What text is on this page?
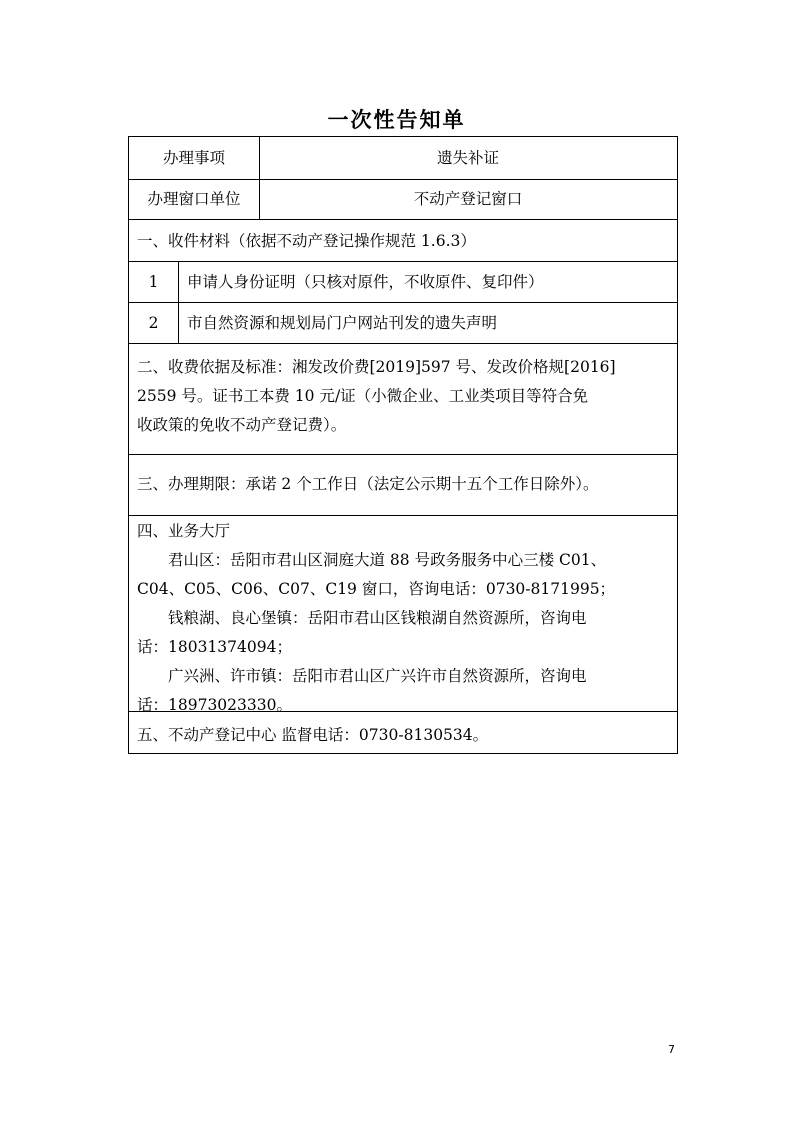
一次性告知单
办理事项	遗失补证
办理窗口单位	不动产登记窗口
一、收件材料（依据不动产登记操作规范 1.6.3）
1	申请人身份证明（只核对原件，不收原件、复印件）
2	市自然资源和规划局门户网站刊发的遗失声明

二、收费依据及标准：湘发改价费[2019]597 号、发改价格规[2016]

2559 号。证书工本费 10 元/证（小微企业、工业类项目等符合免

收政策的免收不动产登记费）。

三、办理期限：承诺 2 个工作日（法定公示期十五个工作日除外）。

四、业务大厅

君山区：岳阳市君山区洞庭大道 88 号政务服务中心三楼 C01、

C04、C05、C06、C07、C19 窗口，咨询电话：0730-8171995；

钱粮湖、良心堡镇：岳阳市君山区钱粮湖自然资源所，咨询电

话：18031374094；

广兴洲、许市镇：岳阳市君山区广兴许市自然资源所，咨询电

话：18973023330。

五、不动产登记中心 监督电话：0730-8130534。
7
